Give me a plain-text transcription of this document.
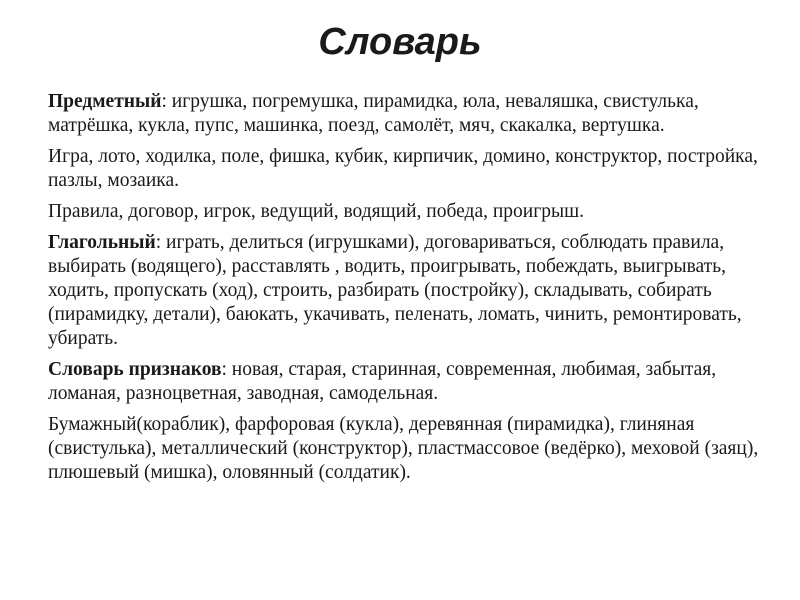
Словарь

Предметный: игрушка, погремушка, пирамидка, юла, неваляшка, свистулька, матрёшка, кукла, пупс, машинка, поезд, самолёт, мяч, скакалка, вертушка.

Игра, лото, ходилка, поле, фишка, кубик, кирпичик, домино, конструктор, постройка, пазлы, мозаика.

Правила, договор, игрок, ведущий, водящий, победа, проигрыш.

Глагольный: играть, делиться (игрушками), договариваться, соблюдать правила, выбирать (водящего), расставлять , водить, проигрывать, побеждать, выигрывать, ходить, пропускать (ход), строить, разбирать (постройку), складывать, собирать (пирамидку, детали), баюкать, укачивать, пеленать, ломать, чинить, ремонтировать, убирать.

Словарь признаков: новая, старая, старинная, современная, любимая, забытая, ломаная, разноцветная, заводная, самодельная.

Бумажный(кораблик), фарфоровая (кукла), деревянная (пирамидка), глиняная (свистулька), металлический (конструктор), пластмассовое (ведёрко), меховой (заяц), плюшевый (мишка), оловянный (солдатик).
